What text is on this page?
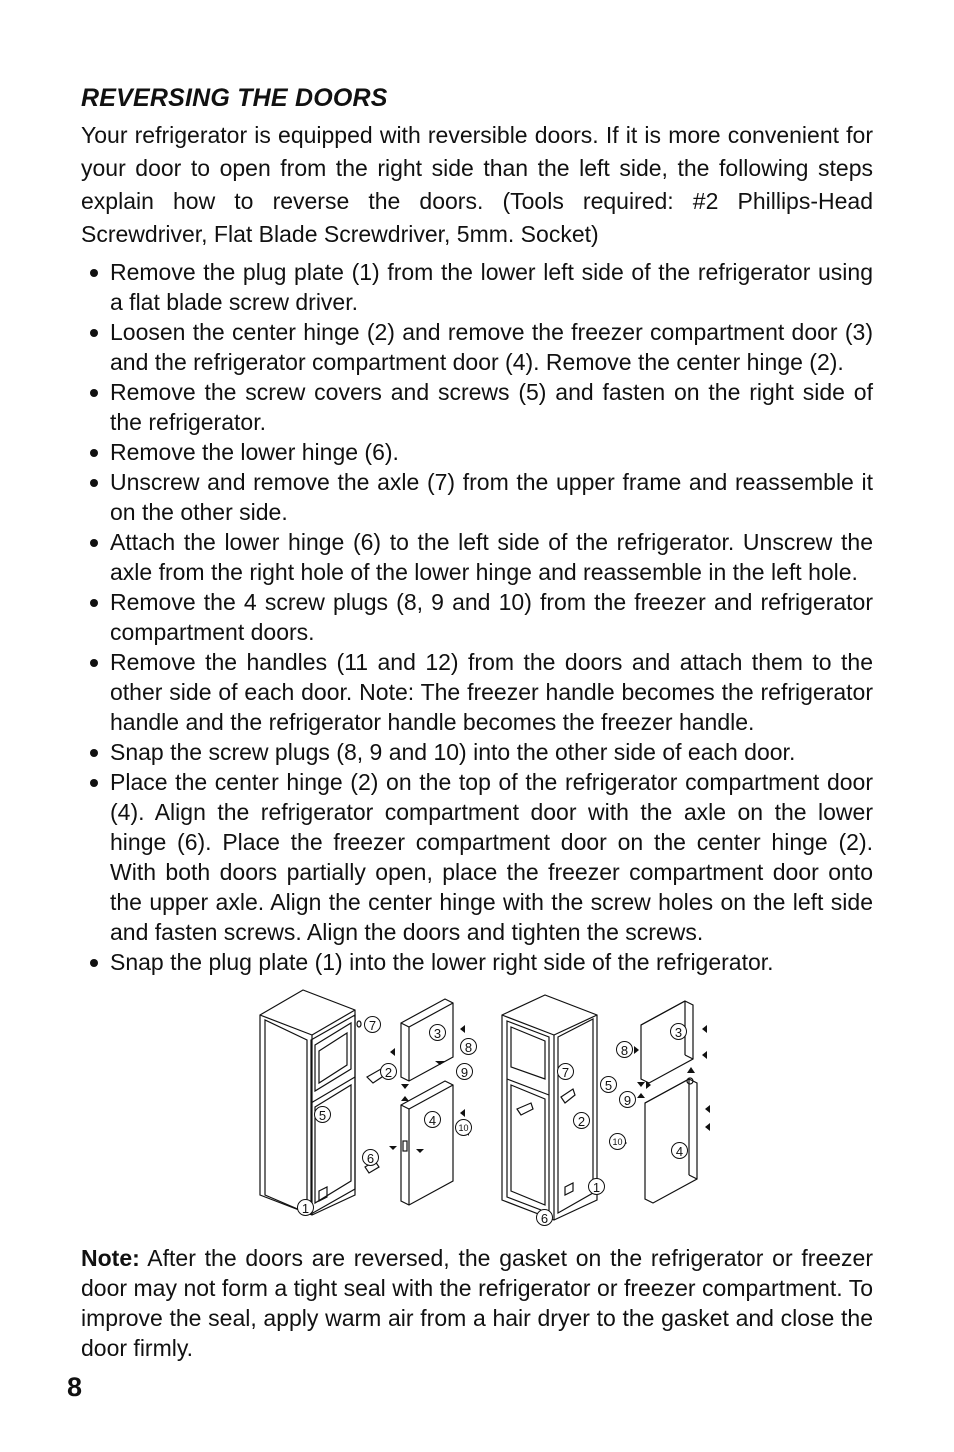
REVERSING THE DOORS

Your refrigerator is equipped with reversible doors. If it is more convenient for your door to open from the right side than the left side, the following steps explain how to reverse the doors. (Tools required: #2 Phillips-Head Screwdriver, Flat Blade Screwdriver, 5mm. Socket)

Remove the plug plate (1) from the lower left side of the refrigerator using a flat blade screw driver.
Loosen the center hinge (2) and remove the freezer compartment door (3) and the refrigerator compartment door (4). Remove the center hinge (2).
Remove the screw covers and screws (5) and fasten on the right side of the refrigerator.
Remove the lower hinge (6).
Unscrew and remove the axle (7) from the upper frame and reassemble it on the other side.
Attach the lower hinge (6) to the left side of the refrigerator. Unscrew the axle from the right hole of the lower hinge and reassemble in the left hole.
Remove the 4 screw plugs (8, 9 and 10) from the freezer and refrigerator compartment doors.
Remove the handles (11 and 12) from the doors and attach them to the other side of each door. Note: The freezer handle becomes the refrigerator handle and the refrigerator handle becomes the freezer handle.
Snap the screw plugs (8, 9 and 10) into the other side of each door.
Place the center hinge (2) on the top of the refrigerator compartment door (4). Align the refrigerator compartment door with the axle on the lower hinge (6). Place the freezer compartment door on the center hinge (2). With both doors partially open, place the freezer compartment door onto the upper axle. Align the center hinge with the screw holes on the left side and fasten screws. Align the doors and tighten the screws.
Snap the plug plate (1) into the lower right side of the refrigerator.
7
3
8
2	9
5	4	10
6
1
3
8
7
5
9
2
10
4
1
6

Note: After the doors are reversed, the gasket on the refrigerator or freezer door may not form a tight seal with the refrigerator or freezer compartment. To improve the seal, apply warm air from a hair dryer to the gasket and close the door firmly.

8
